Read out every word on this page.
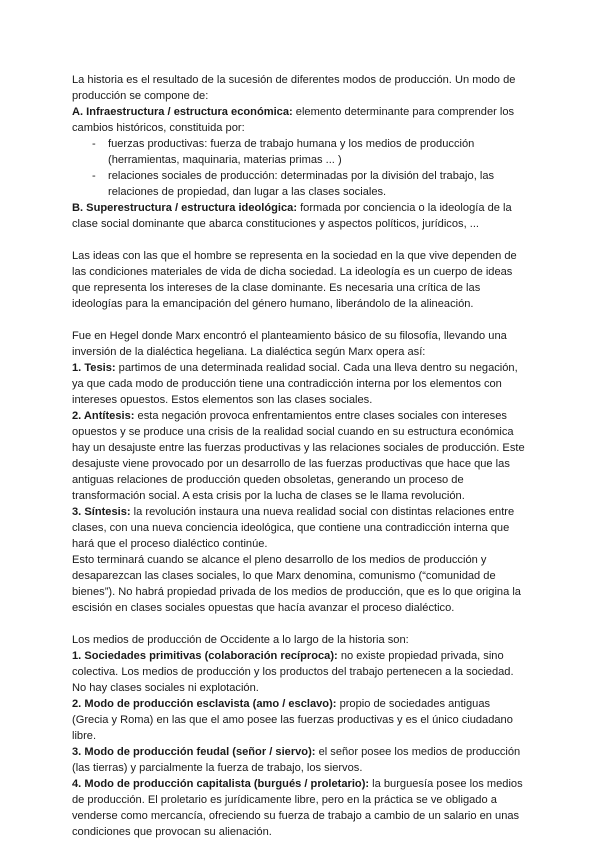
La historia es el resultado de la sucesión de diferentes modos de producción. Un modo de
producción se compone de:
A. Infraestructura / estructura económica: elemento determinante para comprender los
cambios históricos, constituida por:
- fuerzas productivas: fuerza de trabajo humana y los medios de producción
(herramientas, maquinaria, materias primas ... )
- relaciones sociales de producción: determinadas por la división del trabajo, las
relaciones de propiedad, dan lugar a las clases sociales.
B. Superestructura / estructura ideológica: formada por conciencia o la ideología de la
clase social dominante que abarca constituciones y aspectos políticos, jurídicos, ...
Las ideas con las que el hombre se representa en la sociedad en la que vive dependen de
las condiciones materiales de vida de dicha sociedad. La ideología es un cuerpo de ideas
que representa los intereses de la clase dominante. Es necesaria una crítica de las
ideologías para la emancipación del género humano, liberándolo de la alineación.
Fue en Hegel donde Marx encontró el planteamiento básico de su filosofía, llevando una
inversión de la dialéctica hegeliana. La dialéctica según Marx opera así:
1. Tesis: partimos de una determinada realidad social. Cada una lleva dentro su negación,
ya que cada modo de producción tiene una contradicción interna por los elementos con
intereses opuestos. Estos elementos son las clases sociales.
2. Antítesis: esta negación provoca enfrentamientos entre clases sociales con intereses
opuestos y se produce una crisis de la realidad social cuando en su estructura económica
hay un desajuste entre las fuerzas productivas y las relaciones sociales de producción. Este
desajuste viene provocado por un desarrollo de las fuerzas productivas que hace que las
antiguas relaciones de producción queden obsoletas, generando un proceso de
transformación social. A esta crisis por la lucha de clases se le llama revolución.
3. Síntesis: la revolución instaura una nueva realidad social con distintas relaciones entre
clases, con una nueva conciencia ideológica, que contiene una contradicción interna que
hará que el proceso dialéctico continúe.
Esto terminará cuando se alcance el pleno desarrollo de los medios de producción y
desaparezcan las clases sociales, lo que Marx denomina, comunismo (“comunidad de
bienes”). No habrá propiedad privada de los medios de producción, que es lo que origina la
escisión en clases sociales opuestas que hacía avanzar el proceso dialéctico.
Los medios de producción de Occidente a lo largo de la historia son:
1. Sociedades primitivas (colaboración recíproca): no existe propiedad privada, sino
colectiva. Los medios de producción y los productos del trabajo pertenecen a la sociedad.
No hay clases sociales ni explotación.
2. Modo de producción esclavista (amo / esclavo): propio de sociedades antiguas
(Grecia y Roma) en las que el amo posee las fuerzas productivas y es el único ciudadano
libre.
3. Modo de producción feudal (señor / siervo): el señor posee los medios de producción
(las tierras) y parcialmente la fuerza de trabajo, los siervos.
4. Modo de producción capitalista (burgués / proletario): la burguesía posee los medios
de producción. El proletario es jurídicamente libre, pero en la práctica se ve obligado a
venderse como mercancía, ofreciendo su fuerza de trabajo a cambio de un salario en unas
condiciones que provocan su alienación.
